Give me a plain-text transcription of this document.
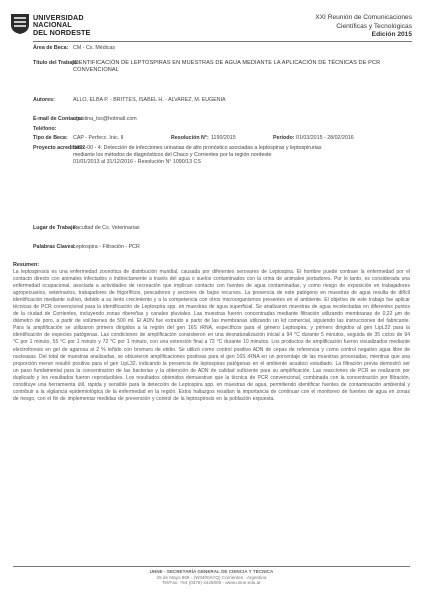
UNIVERSIDAD
NACIONAL
DEL NORDESTE
XXI Reunión de Comunicaciones
Científicas y Tecnológicas
Edición 2015
Área de Beca: CM - Cs. Médicas
Título del Trabajo:
IDENTIFICACIÓN DE LEPTOSPIRAS EN MUESTRAS DE AGUA MEDIANTE LA APLICACIÓN DE TÉCNICAS DE PCR CONVENCIONAL
Autores:	ALLO, ELBA P. - BRITTES, ISABEL H. - ALVAREZ, M. EUGENIA
E-mail de Contacto:
agustina_tss@hotmail.com
Teléfono:
Tipo de Beca: CAP - Perfecc. Inic. II	Resolución N°: 1190/2015	Período: 01/03/2015 - 28/02/2016
Proyecto acreditado:
SII22-00 - 4: Detección de infecciones urinarias de alto pronóstico asociadas a leptospiras y leptospirurias
mediante los métodos de diagnósticos del Chaco y Corrientes por la región nordeste
01/01/2013 al 31/12/2016 - Resolución N° 1090/13 CS
Lugar de Trabajo:
Facultad de Cs. Veterinarias
Palabras Claves:
Leptospira - Filtración - PCR
Resumen:
La leptospirosis es una enfermedad zoonótica de distribución mundial, causada por diferentes serovares de Leptospira. El hombre puede contraer la enfermedad por el contacto directo con animales infectados o indirectamente a través del agua o suelos contaminados con la orina de animales portadores. Por lo tanto, es considerada una enfermedad ocupacional, asociada a actividades de recreación que implican contacto con fuentes de agua contaminadas, y como riesgo de exposición en trabajadores agropecuarios, veterinarios, trabajadores de frigoríficos, pescadores y sectores de bajos recursos. La presencia de este patógeno en muestras de agua resulta de difícil identificación mediante cultivo, debido a su lento crecimiento y a la competencia con otros microorganismos presentes en el ambiente. El objetivo de este trabajo fue aplicar técnicas de PCR convencional para la identificación de Leptospira spp. en muestras de agua superficial. Se analizaron muestras de agua recolectadas en diferentes puntos de la ciudad de Corrientes, incluyendo zonas ribereñas y canales pluviales. Las muestras fueron concentradas mediante filtración utilizando membranas de 0,22 µm de diámetro de poro, a partir de volúmenes de 500 ml. El ADN fue extraído a partir de las membranas utilizando un kit comercial, siguiendo las instrucciones del fabricante. Para la amplificación se utilizaron primers dirigidos a la región del gen 16S rRNA, específicos para el género Leptospira, y primers dirigidos al gen LipL32 para la identificación de especies patógenas. Las condiciones de amplificación consistieron en una desnaturalización inicial a 94 °C durante 5 minutos, seguida de 35 ciclos de 94 °C por 1 minuto, 55 °C por 1 minuto y 72 °C por 1 minuto, con una extensión final a 72 °C durante 10 minutos. Los productos de amplificación fueron visualizados mediante electroforesis en gel de agarosa al 2 % teñido con bromuro de etidio. Se utilizó como control positivo ADN de cepas de referencia y como control negativo agua libre de nucleasas. Del total de muestras analizadas, se obtuvieron amplificaciones positivas para el gen 16S rRNA en un porcentaje de las muestras procesadas, mientras que una proporción menor resultó positiva para el gen LipL32, indicando la presencia de leptospiras patógenas en el ambiente acuático estudiado. La filtración previa demostró ser un paso fundamental para la concentración de las bacterias y la obtención de ADN de calidad suficiente para su amplificación. Las reacciones de PCR se realizaron por duplicado y los resultados fueron reproducibles. Los resultados obtenidos demuestran que la técnica de PCR convencional, combinada con la concentración por filtración, constituye una herramienta útil, rápida y sensible para la detección de Leptospira spp. en muestras de agua, permitiendo identificar fuentes de contaminación ambiental y contribuir a la vigilancia epidemiológica de la enfermedad en la región. Estos hallazgos resaltan la importancia de continuar con el monitoreo de fuentes de agua en zonas de riesgo, con el fin de implementar medidas de prevención y control de la leptospirosis en la población expuesta.
UNNE - SECRETARÍA GENERAL DE CIENCIA Y TÉCNICA
25 de Mayo 868 - (W3400AYQ) Corrientes - Argentina
Tel/Fax: +54 (0379) 4425006 - www.unne.edu.ar
